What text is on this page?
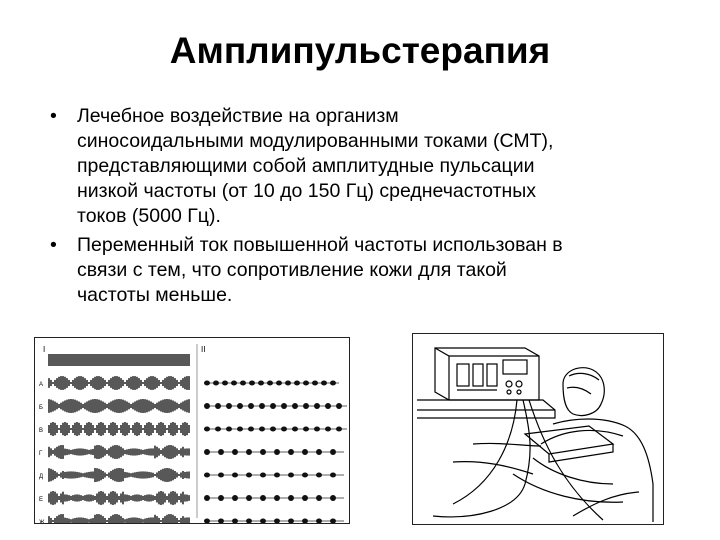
Амплипульстерапия
• Лечебное воздействие на организм
синосоидальными модулированными токами (СМТ),
представляющими собой амплитудные пульсации
низкой частоты (от 10 до 150 Гц) среднечастотных
токов (5000 Гц).
• Переменный ток повышенной частоты использован в
связи с тем, что сопротивление кожи для такой
частоты меньше.
I	II
А
Б
В
Г
Д
Е
Ж
